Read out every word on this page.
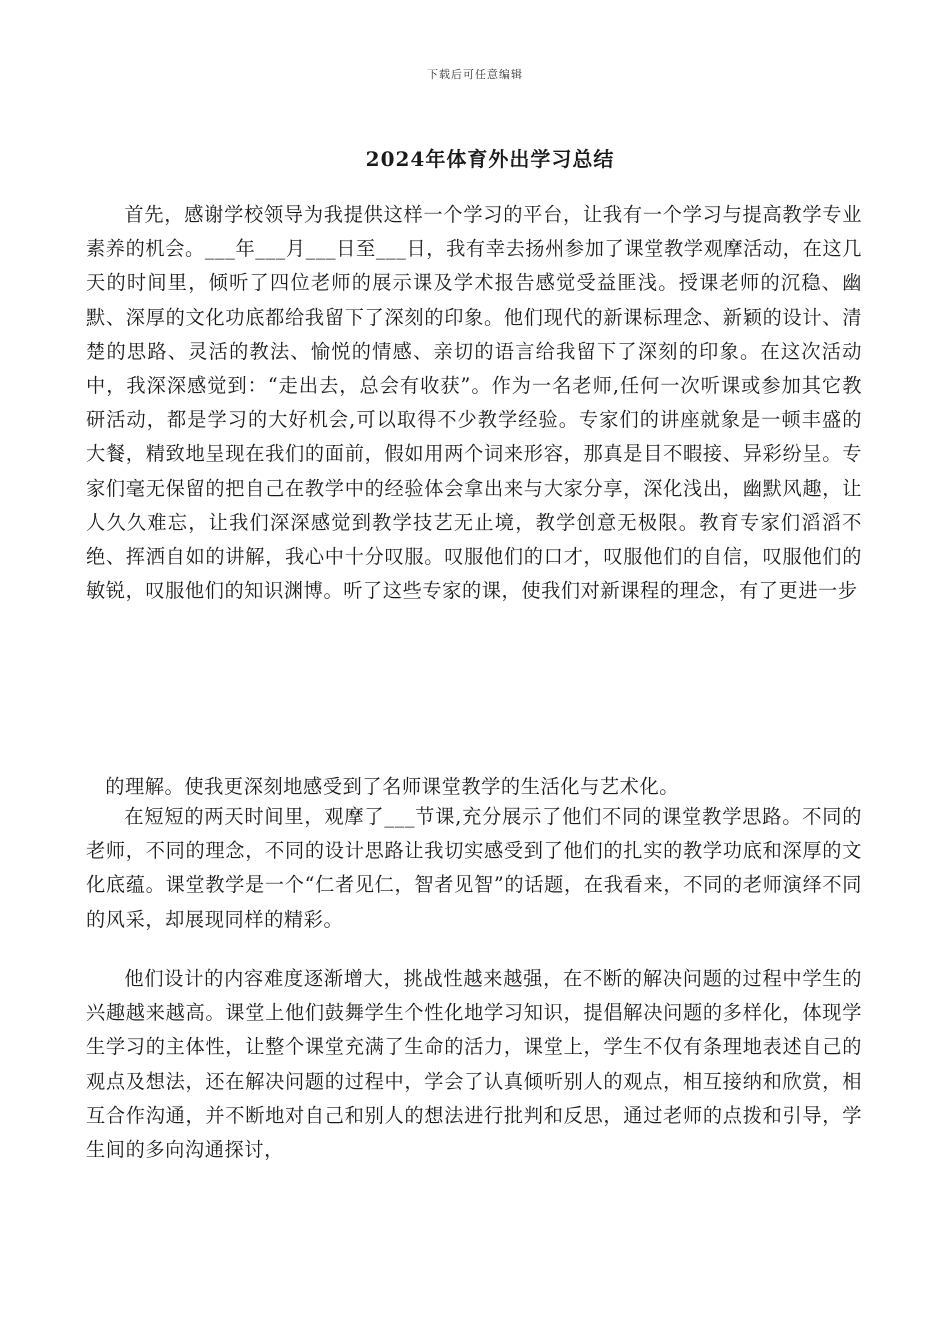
下载后可任意编辑
2024年体育外出学习总结

首先，感谢学校领导为我提供这样一个学习的平台，让我有一个学习与提高教学专业素养的机会。___年___月___日至___日，我有幸去扬州参加了课堂教学观摩活动，在这几天的时间里，倾听了四位老师的展示课及学术报告感觉受益匪浅。授课老师的沉稳、幽默、深厚的文化功底都给我留下了深刻的印象。他们现代的新课标理念、新颖的设计、清楚的思路、灵活的教法、愉悦的情感、亲切的语言给我留下了深刻的印象。在这次活动中，我深深感觉到：“走出去，总会有收获”。作为一名老师,任何一次听课或参加其它教研活动，都是学习的大好机会,可以取得不少教学经验。专家们的讲座就象是一顿丰盛的大餐，精致地呈现在我们的面前，假如用两个词来形容，那真是目不暇接、异彩纷呈。专家们毫无保留的把自己在教学中的经验体会拿出来与大家分享，深化浅出，幽默风趣，让人久久难忘，让我们深深感觉到教学技艺无止境，教学创意无极限。教育专家们滔滔不绝、挥洒自如的讲解，我心中十分叹服。叹服他们的口才，叹服他们的自信，叹服他们的敏锐，叹服他们的知识渊博。听了这些专家的课，使我们对新课程的理念，有了更进一步

的理解。使我更深刻地感受到了名师课堂教学的生活化与艺术化。

在短短的两天时间里，观摩了___节课,充分展示了他们不同的课堂教学思路。不同的老师，不同的理念，不同的设计思路让我切实感受到了他们的扎实的教学功底和深厚的文化底蕴。课堂教学是一个“仁者见仁，智者见智”的话题，在我看来，不同的老师演绎不同的风采，却展现同样的精彩。

他们设计的内容难度逐渐增大，挑战性越来越强，在不断的解决问题的过程中学生的兴趣越来越高。课堂上他们鼓舞学生个性化地学习知识，提倡解决问题的多样化，体现学生学习的主体性，让整个课堂充满了生命的活力，课堂上，学生不仅有条理地表述自己的观点及想法，还在解决问题的过程中，学会了认真倾听别人的观点，相互接纳和欣赏，相互合作沟通，并不断地对自己和别人的想法进行批判和反思，通过老师的点拨和引导，学生间的多向沟通探讨，
